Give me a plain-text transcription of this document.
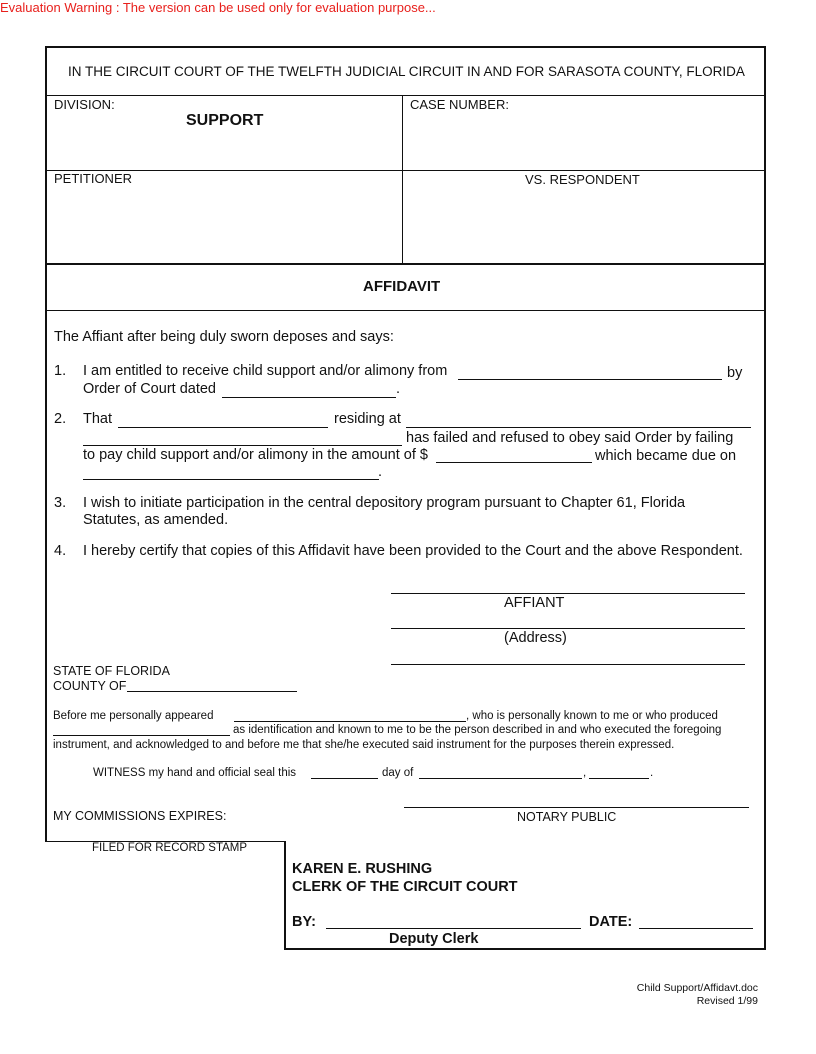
Evaluation Warning : The version can be used only for evaluation purpose...
IN THE CIRCUIT COURT OF THE TWELFTH JUDICIAL CIRCUIT IN AND FOR SARASOTA COUNTY, FLORIDA
DIVISION:
SUPPORT
CASE NUMBER:
PETITIONER	VS. RESPONDENT
AFFIDAVIT
The Affiant after being duly sworn deposes and says:
1. I am entitled to receive child support and/or alimony from	by
Order of Court dated	.
2. That	residing at
has failed and refused to obey said Order by failing
to pay child support and/or alimony in the amount of $	which became due on
.
3. I wish to initiate participation in the central depository program pursuant to Chapter 61, Florida
Statutes, as amended.
4. I hereby certify that copies of this Affidavit have been provided to the Court and the above Respondent.
AFFIANT
(Address)
STATE OF FLORIDA
COUNTY OF
Before me personally appeared	, who is personally known to me or who produced
as identification and known to me to be the person described in and who executed the foregoing
instrument, and acknowledged to and before me that she/he executed said instrument for the purposes therein expressed.
WITNESS my hand and official seal this	day of	,	.
MY COMMISSIONS EXPIRES:	NOTARY PUBLIC
FILED FOR RECORD STAMP
KAREN E. RUSHING
CLERK OF THE CIRCUIT COURT
BY:	DATE:
Deputy Clerk
Child Support/Affidavt.doc
Revised 1/99
